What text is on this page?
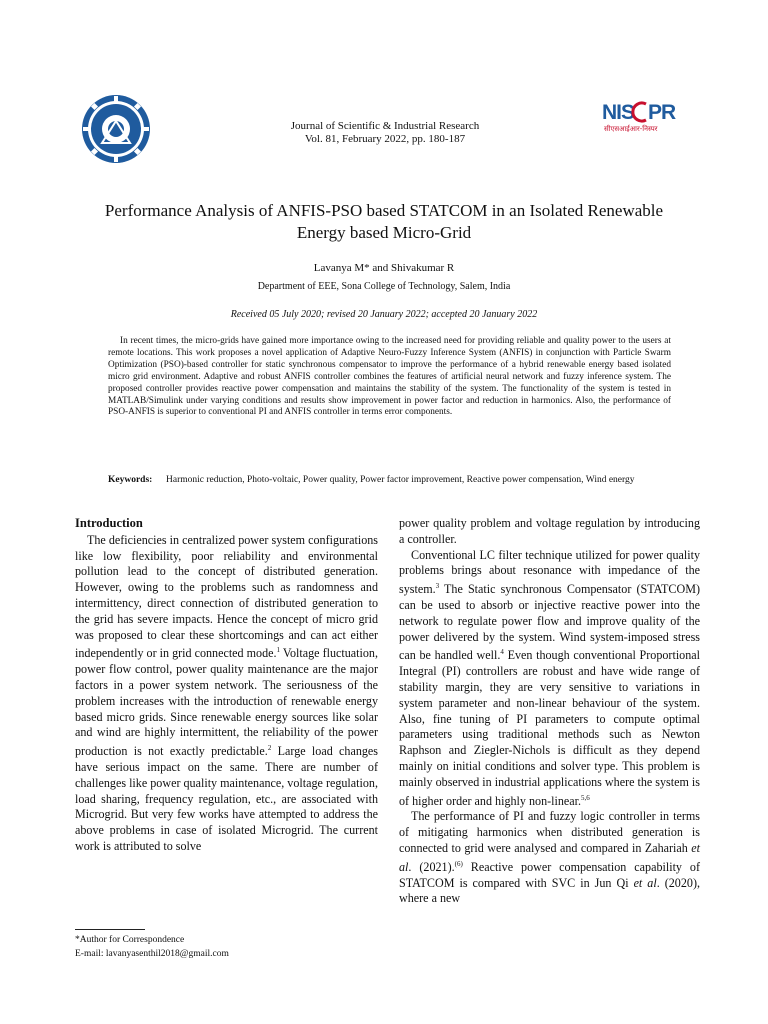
NIS PR
सीएसआईआर-निस्पर
Journal of Scientific & Industrial Research
Vol. 81, February 2022, pp. 180-187
Performance Analysis of ANFIS-PSO based STATCOM in an Isolated Renewable
Energy based Micro-Grid
Lavanya M* and Shivakumar R
Department of EEE, Sona College of Technology, Salem, India
Received 05 July 2020; revised 20 January 2022; accepted 20 January 2022
In recent times, the micro-grids have gained more importance owing to the increased need for providing reliable and quality power to the users at remote locations. This work proposes a novel application of Adaptive Neuro-Fuzzy Inference System (ANFIS) in conjunction with Particle Swarm Optimization (PSO)-based controller for static synchronous compensator to improve the performance of a hybrid renewable energy based isolated micro grid environment. Adaptive and robust ANFIS controller combines the features of artificial neural network and fuzzy inference system. The proposed controller provides reactive power compensation and maintains the stability of the system. The functionality of the system is tested in MATLAB/Simulink under varying conditions and results show improvement in power factor and reduction in harmonics. Also, the performance of PSO-ANFIS is superior to conventional PI and ANFIS controller in terms error components.
Keywords: Harmonic reduction, Photo-voltaic, Power quality, Power factor improvement, Reactive power compensation, Wind energy
Introduction

The deficiencies in centralized power system configurations like low flexibility, poor reliability and environmental pollution lead to the concept of distributed generation. However, owing to the problems such as randomness and intermittency, direct connection of distributed generation to the grid has severe impacts. Hence the concept of micro grid was proposed to clear these shortcomings and can act either independently or in grid connected mode.$^1$ Voltage fluctuation, power flow control, power quality maintenance are the major factors in a power system network. The seriousness of the problem increases with the introduction of renewable energy based micro grids. Since renewable energy sources like solar and wind are highly intermittent, the reliability of the power production is not exactly predictable.$^2$ Large load changes have serious impact on the same. There are number of challenges like power quality maintenance, voltage regulation, load sharing, frequency regulation, etc., are associated with Microgrid. But very few works have attempted to address the above problems in case of isolated Microgrid. The current work is attributed to solve

power quality problem and voltage regulation by introducing a controller.

Conventional LC filter technique utilized for power quality problems brings about resonance with impedance of the system.$^3$ The Static synchronous Compensator (STATCOM) can be used to absorb or injective reactive power into the network to regulate power flow and improve quality of the power delivered by the system. Wind system-imposed stress can be handled well.$^4$ Even though conventional Proportional Integral (PI) controllers are robust and have wide range of stability margin, they are very sensitive to variations in system parameter and non-linear behaviour of the system. Also, fine tuning of PI parameters to compute optimal parameters using traditional methods such as Newton Raphson and Ziegler-Nichols is difficult as they depend mainly on initial conditions and solver type. This problem is mainly observed in industrial applications where the system is of higher order and highly non-linear.$^{5,6}$

The performance of PI and fuzzy logic controller in terms of mitigating harmonics when distributed generation is connected to grid were analysed and compared in Zahariah et al. (2021).$^{(6)}$ Reactive power compensation capability of STATCOM is compared with SVC in Jun Qi et al. (2020), where a new

*Author for Correspondence
E-mail: lavanyasenthil2018@gmail.com
